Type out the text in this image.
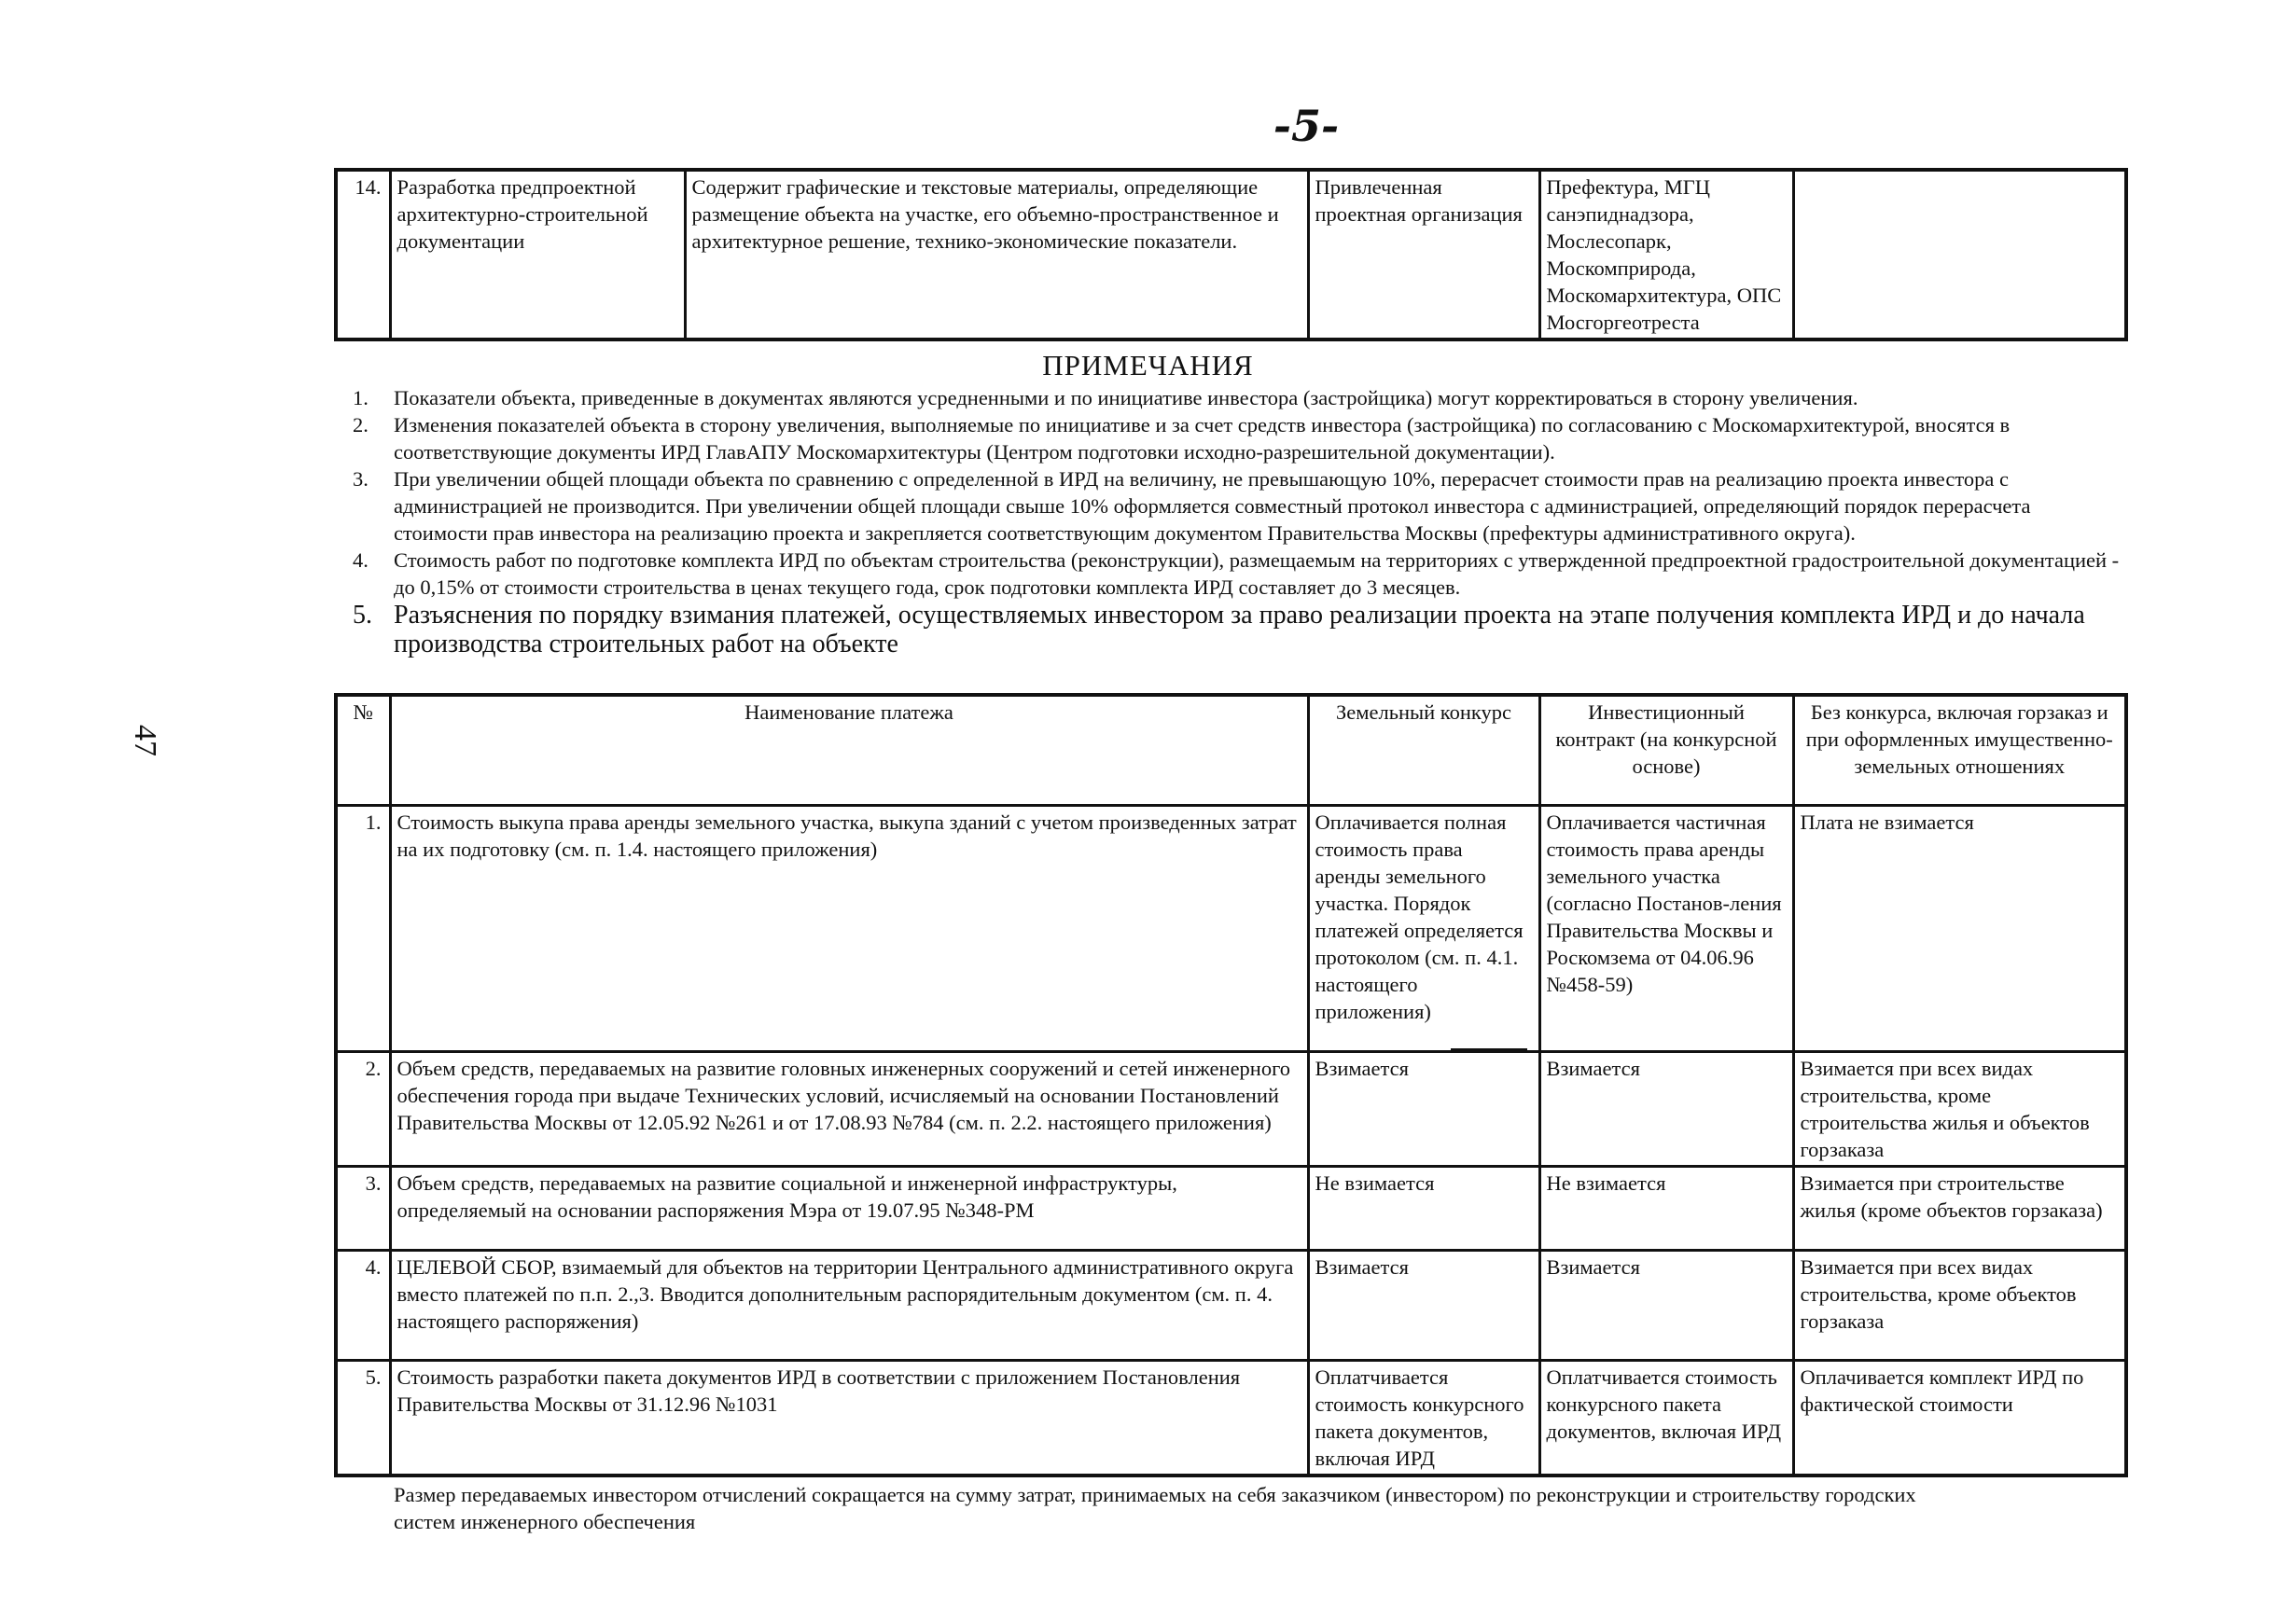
-5-
47
14.	Разработка предпроектной архитектурно-строительной документации	Содержит графические и текстовые материалы, определяющие размещение объекта на участке, его объемно-пространственное и архитектурное решение, технико-экономические показатели.	Привлеченная проектная организация	Префектура, МГЦ санэпиднадзора, Мослесопарк, Москомприрода, Москомархитектура, ОПС Мосгоргеотреста	
ПРИМЕЧАНИЯ
1.	Показатели объекта, приведенные в документах являются усредненными и по инициативе инвестора (застройщика) могут корректироваться в сторону увеличения.
2.	Изменения показателей объекта в сторону увеличения, выполняемые по инициативе и за счет средств инвестора (застройщика) по согласованию с Москомархитектурой, вносятся в соответствующие документы ИРД ГлавАПУ Москомархитектуры (Центром подготовки исходно-разрешительной документации).
3.	При увеличении общей площади объекта по сравнению с определенной в ИРД на величину, не превышающую 10%, перерасчет стоимости прав на реализацию проекта инвестора с администрацией не производится. При увеличении общей площади свыше 10% оформляется совместный протокол инвестора с администрацией, определяющий порядок перерасчета стоимости прав инвестора на реализацию проекта и закрепляется соответствующим документом Правительства Москвы (префектуры административного округа).
4.	Стоимость работ по подготовке комплекта ИРД по объектам строительства (реконструкции), размещаемым на территориях с утвержденной предпроектной градостроительной документацией - до 0,15% от стоимости строительства в ценах текущего года, срок подготовки комплекта ИРД составляет до 3 месяцев.
5. Разъяснения по порядку взимания платежей, осуществляемых инвестором за право реализации проекта на этапе получения комплекта ИРД и до начала производства строительных работ на объекте
№	Наименование платежа	Земельный конкурс	Инвестиционный контракт (на конкурсной основе)	Без конкурса, включая горзаказ и при оформленных имущественно-земельных отношениях
1.	Стоимость выкупа права аренды земельного участка, выкупа зданий с учетом произведенных затрат на их подготовку (см. п. 1.4. настоящего приложения)	Оплачивается полная стоимость права аренды земельного участка. Порядок платежей определяется протоколом (см. п. 4.1. настоящего приложения)	Оплачивается частичная стоимость права аренды земельного участка (согласно Постанов-ления Правительства Москвы и Роскомзема от 04.06.96 №458-59)	Плата не взимается
2.	Объем средств, передаваемых на развитие головных инженерных сооружений и сетей инженерного обеспечения города при выдаче Технических условий, исчисляемый на основании Постановлений Правительства Москвы от 12.05.92 №261 и от 17.08.93 №784 (см. п. 2.2. настоящего приложения)	Взимается	Взимается	Взимается при всех видах строительства, кроме строительства жилья и объектов горзаказа
3.	Объем средств, передаваемых на развитие социальной и инженерной инфраструктуры, определяемый на основании распоряжения Мэра от 19.07.95 №348-РМ	Не взимается	Не взимается	Взимается при строительстве жилья (кроме объектов горзаказа)
4.	ЦЕЛЕВОЙ СБОР, взимаемый для объектов на территории Центрального административного округа вместо платежей по п.п. 2.,3. Вводится дополнительным распорядительным документом (см. п. 4. настоящего распоряжения)	Взимается	Взимается	Взимается при всех видах строительства, кроме объектов горзаказа
5.	Стоимость разработки пакета документов ИРД в соответствии с приложением Постановления Правительства Москвы от 31.12.96 №1031	Оплатчивается стоимость конкурсного пакета документов, включая ИРД	Оплатчивается стоимость конкурсного пакета документов, включая ИРД	Оплачивается комплект ИРД по фактической стоимости
Размер передаваемых инвестором отчислений сокращается на сумму затрат, принимаемых на себя заказчиком (инвестором) по реконструкции и строительству городских систем инженерного обеспечения
